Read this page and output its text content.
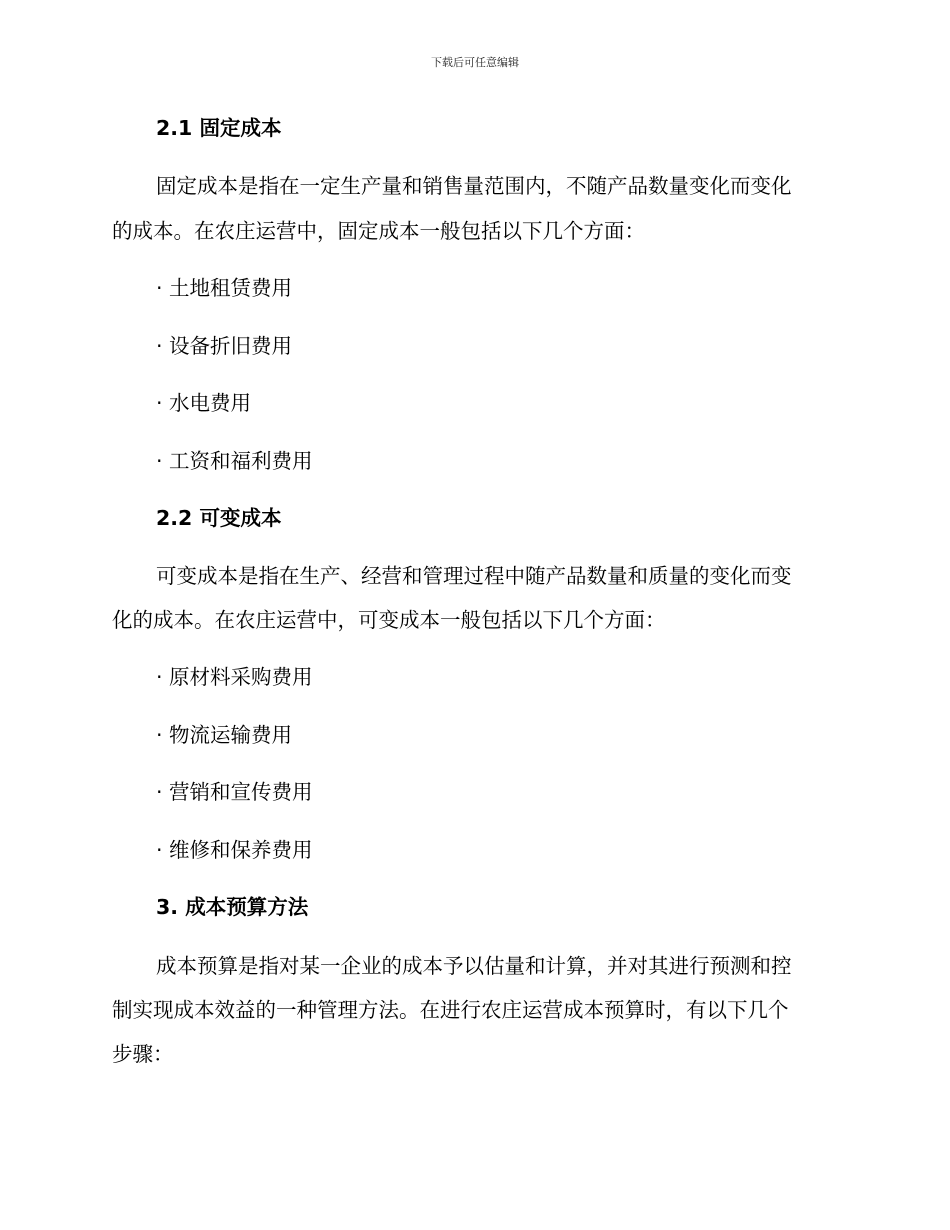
下载后可任意编辑
2.1 固定成本
固定成本是指在一定生产量和销售量范围内，不随产品数量变化而变化
的成本。在农庄运营中，固定成本一般包括以下几个方面：
· 土地租赁费用
· 设备折旧费用
· 水电费用
· 工资和福利费用
2.2 可变成本
可变成本是指在生产、经营和管理过程中随产品数量和质量的变化而变
化的成本。在农庄运营中，可变成本一般包括以下几个方面：
· 原材料采购费用
· 物流运输费用
· 营销和宣传费用
· 维修和保养费用
3. 成本预算方法
成本预算是指对某一企业的成本予以估量和计算，并对其进行预测和控
制实现成本效益的一种管理方法。在进行农庄运营成本预算时，有以下几个
步骤：
